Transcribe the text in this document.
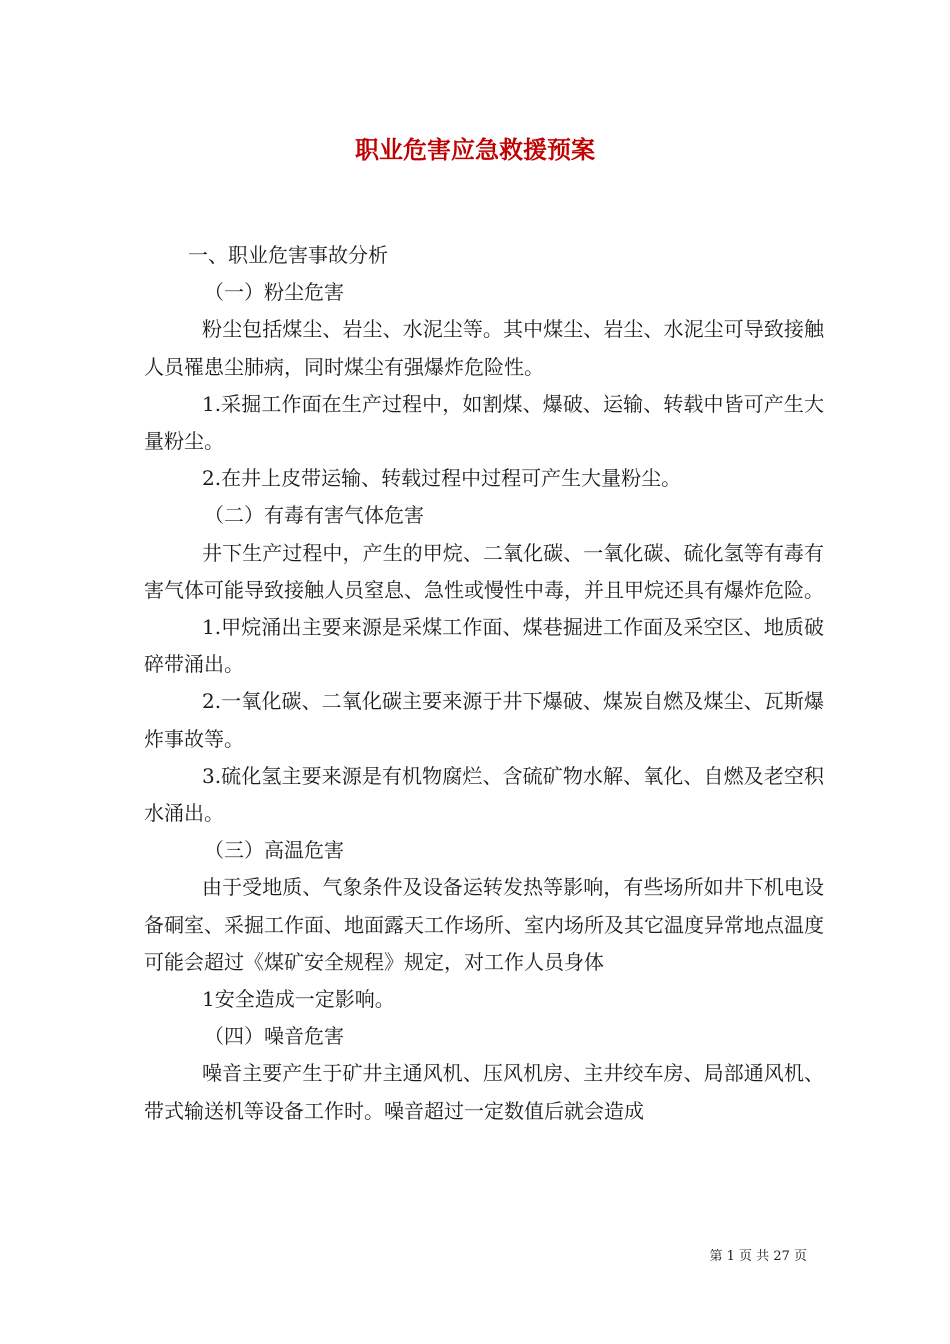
职业危害应急救援预案

一、职业危害事故分析

（一）粉尘危害

粉尘包括煤尘、岩尘、水泥尘等。其中煤尘、岩尘、水泥尘可导致接触人员罹患尘肺病，同时煤尘有强爆炸危险性。

1.采掘工作面在生产过程中，如割煤、爆破、运输、转载中皆可产生大量粉尘。

2.在井上皮带运输、转载过程中过程可产生大量粉尘。

（二）有毒有害气体危害

井下生产过程中，产生的甲烷、二氧化碳、一氧化碳、硫化氢等有毒有害气体可能导致接触人员窒息、急性或慢性中毒，并且甲烷还具有爆炸危险。

1.甲烷涌出主要来源是采煤工作面、煤巷掘进工作面及采空区、地质破碎带涌出。

2.一氧化碳、二氧化碳主要来源于井下爆破、煤炭自燃及煤尘、瓦斯爆炸事故等。

3.硫化氢主要来源是有机物腐烂、含硫矿物水解、氧化、自燃及老空积水涌出。

（三）高温危害

由于受地质、气象条件及设备运转发热等影响，有些场所如井下机电设备硐室、采掘工作面、地面露天工作场所、室内场所及其它温度异常地点温度可能会超过《煤矿安全规程》规定，对工作人员身体

1安全造成一定影响。

（四）噪音危害

噪音主要产生于矿井主通风机、压风机房、主井绞车房、局部通风机、带式输送机等设备工作时。噪音超过一定数值后就会造成

第 1 页 共 27 页
